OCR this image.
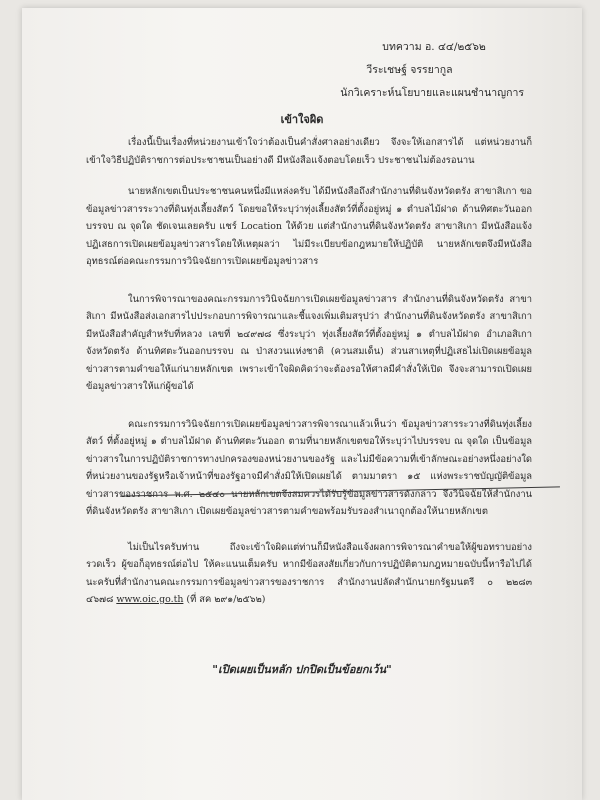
บทความ อ. ๔๔/๒๕๖๒
วีระเชษฐ์ จรรยากูล
นักวิเคราะห์นโยบายและแผนชำนาญการ
เข้าใจผิด

เรื่องนี้เป็นเรื่องที่หน่วยงานเข้าใจว่าต้องเป็นคำสั่งศาลอย่างเดียว จึงจะให้เอกสารได้ แต่หน่วยงานก็เข้าใจวิธีปฏิบัติราชการต่อประชาชนเป็นอย่างดี มีหนังสือแจ้งตอบโดยเร็ว ประชาชนไม่ต้องรอนาน

นายหลักเขตเป็นประชาชนคนหนึ่งมีแหล่งครับ ได้มีหนังสือถึงสำนักงานที่ดินจังหวัดตรัง สาขาสิเกา ขอข้อมูลข่าวสารระวางที่ดินทุ่งเลี้ยงสัตว์ โดยขอให้ระบุว่าทุ่งเลี้ยงสัตว์ที่ตั้งอยู่หมู่ ๑ ตำบลไม้ฝาด ด้านทิศตะวันออก บรรจบ ณ จุดใด ชัดเจนเลยครับ แชร์ Location ให้ด้วย แต่สำนักงานที่ดินจังหวัดตรัง สาขาสิเกา มีหนังสือแจ้งปฏิเสธการเปิดเผยข้อมูลข่าวสารโดยให้เหตุผลว่า ไม่มีระเบียบข้อกฎหมายให้ปฏิบัติ นายหลักเขตจึงมีหนังสืออุทธรณ์ต่อคณะกรรมการวินิจฉัยการเปิดเผยข้อมูลข่าวสาร

ในการพิจารณาของคณะกรรมการวินิจฉัยการเปิดเผยข้อมูลข่าวสาร สำนักงานที่ดินจังหวัดตรัง สาขาสิเกา มีหนังสือส่งเอกสารไปประกอบการพิจารณาและชี้แจงเพิ่มเติมสรุปว่า สำนักงานที่ดินจังหวัดตรัง สาขาสิเกา มีหนังสือสำคัญสำหรับที่หลวง เลขที่ ๒๔๙๗๘ ซึ่งระบุว่า ทุ่งเลี้ยงสัตว์ที่ตั้งอยู่หมู่ ๑ ตำบลไม้ฝาด อำเภอสิเกา จังหวัดตรัง ด้านทิศตะวันออกบรรจบ ณ ป่าสงวนแห่งชาติ (ควนสมเด็น) ส่วนสาเหตุที่ปฏิเสธไม่เปิดเผยข้อมูลข่าวสารตามคำขอให้แก่นายหลักเขต เพราะเข้าใจผิดคิดว่าจะต้องรอให้ศาลมีคำสั่งให้เปิด จึงจะสามารถเปิดเผยข้อมูลข่าวสารให้แก่ผู้ขอได้

คณะกรรมการวินิจฉัยการเปิดเผยข้อมูลข่าวสารพิจารณาแล้วเห็นว่า ข้อมูลข่าวสารระวางที่ดินทุ่งเลี้ยงสัตว์ ที่ตั้งอยู่หมู่ ๑ ตำบลไม้ฝาด ด้านทิศตะวันออก ตามที่นายหลักเขตขอให้ระบุว่าไปบรรจบ ณ จุดใด เป็นข้อมูลข่าวสารในการปฏิบัติราชการทางปกครองของหน่วยงานของรัฐ และไม่มีข้อความที่เข้าลักษณะอย่างหนึ่งอย่างใดที่หน่วยงานของรัฐหรือเจ้าหน้าที่ของรัฐอาจมีคำสั่งมิให้เปิดเผยได้ ตามมาตรา ๑๕ แห่งพระราชบัญญัติข้อมูลข่าวสารของราชการ พ.ศ. ๒๕๔๐ นายหลักเขตจึงสมควรได้รับรู้ข้อมูลข่าวสารดังกล่าว จึงวินิจฉัยให้สำนักงานที่ดินจังหวัดตรัง สาขาสิเกา เปิดเผยข้อมูลข่าวสารตามคำขอพร้อมรับรองสำเนาถูกต้องให้นายหลักเขต

ไม่เป็นไรครับท่าน ถึงจะเข้าใจผิดแต่ท่านก็มีหนังสือแจ้งผลการพิจารณาคำขอให้ผู้ขอทราบอย่างรวดเร็ว ผู้ขอก็อุทธรณ์ต่อไป ให้คะแนนเต็มครับ หากมีข้อสงสัยเกี่ยวกับการปฏิบัติตามกฎหมายฉบับนี้หารือไปได้นะครับที่สำนักงานคณะกรรมการข้อมูลข่าวสารของราชการ สำนักงานปลัดสำนักนายกรัฐมนตรี ๐ ๒๒๘๓ ๔๖๗๘ www.oic.go.th (ที่ สค ๒๙๑/๒๕๖๒)

"เปิดเผยเป็นหลัก ปกปิดเป็นข้อยกเว้น"
